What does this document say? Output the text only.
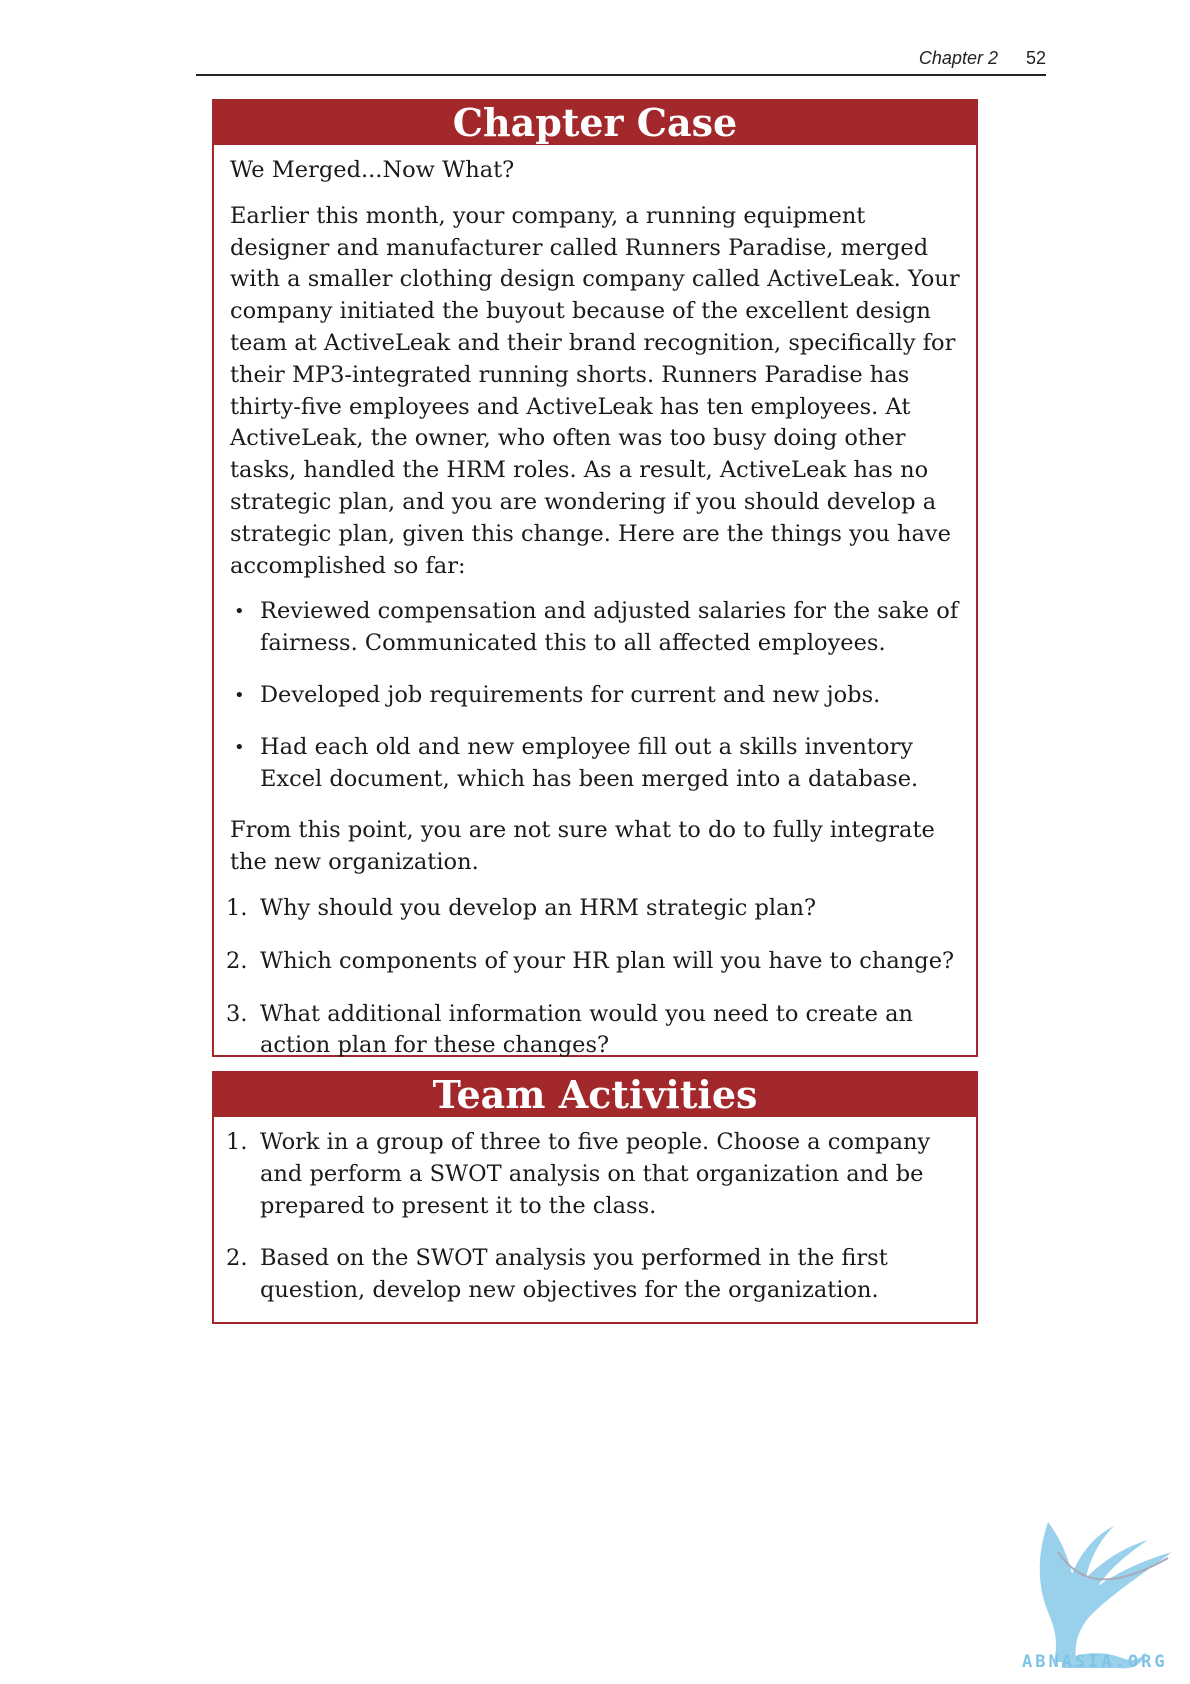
Chapter 2 52
Chapter Case

We Merged...Now What?

Earlier this month, your company, a running equipment designer and manufacturer called Runners Paradise, merged with a smaller clothing design company called ActiveLeak. Your company initiated the buyout because of the excellent design team at ActiveLeak and their brand recognition, specifically for their MP3-integrated running shorts. Runners Paradise has thirty-five employees and ActiveLeak has ten employees. At ActiveLeak, the owner, who often was too busy doing other tasks, handled the HRM roles. As a result, ActiveLeak has no strategic plan, and you are wondering if you should develop a strategic plan, given this change. Here are the things you have accomplished so far:

• Reviewed compensation and adjusted salaries for the sake of fairness. Communicated this to all affected employees.
• Developed job requirements for current and new jobs.
• Had each old and new employee fill out a skills inventory Excel document, which has been merged into a database.

From this point, you are not sure what to do to fully integrate the new organization.

1. Why should you develop an HRM strategic plan?
2. Which components of your HR plan will you have to change?
3. What additional information would you need to create an action plan for these changes?
Team Activities
1. Work in a group of three to five people. Choose a company and perform a SWOT analysis on that organization and be prepared to present it to the class.
2. Based on the SWOT analysis you performed in the first question, develop new objectives for the organization.
ABNASIA.ORG
